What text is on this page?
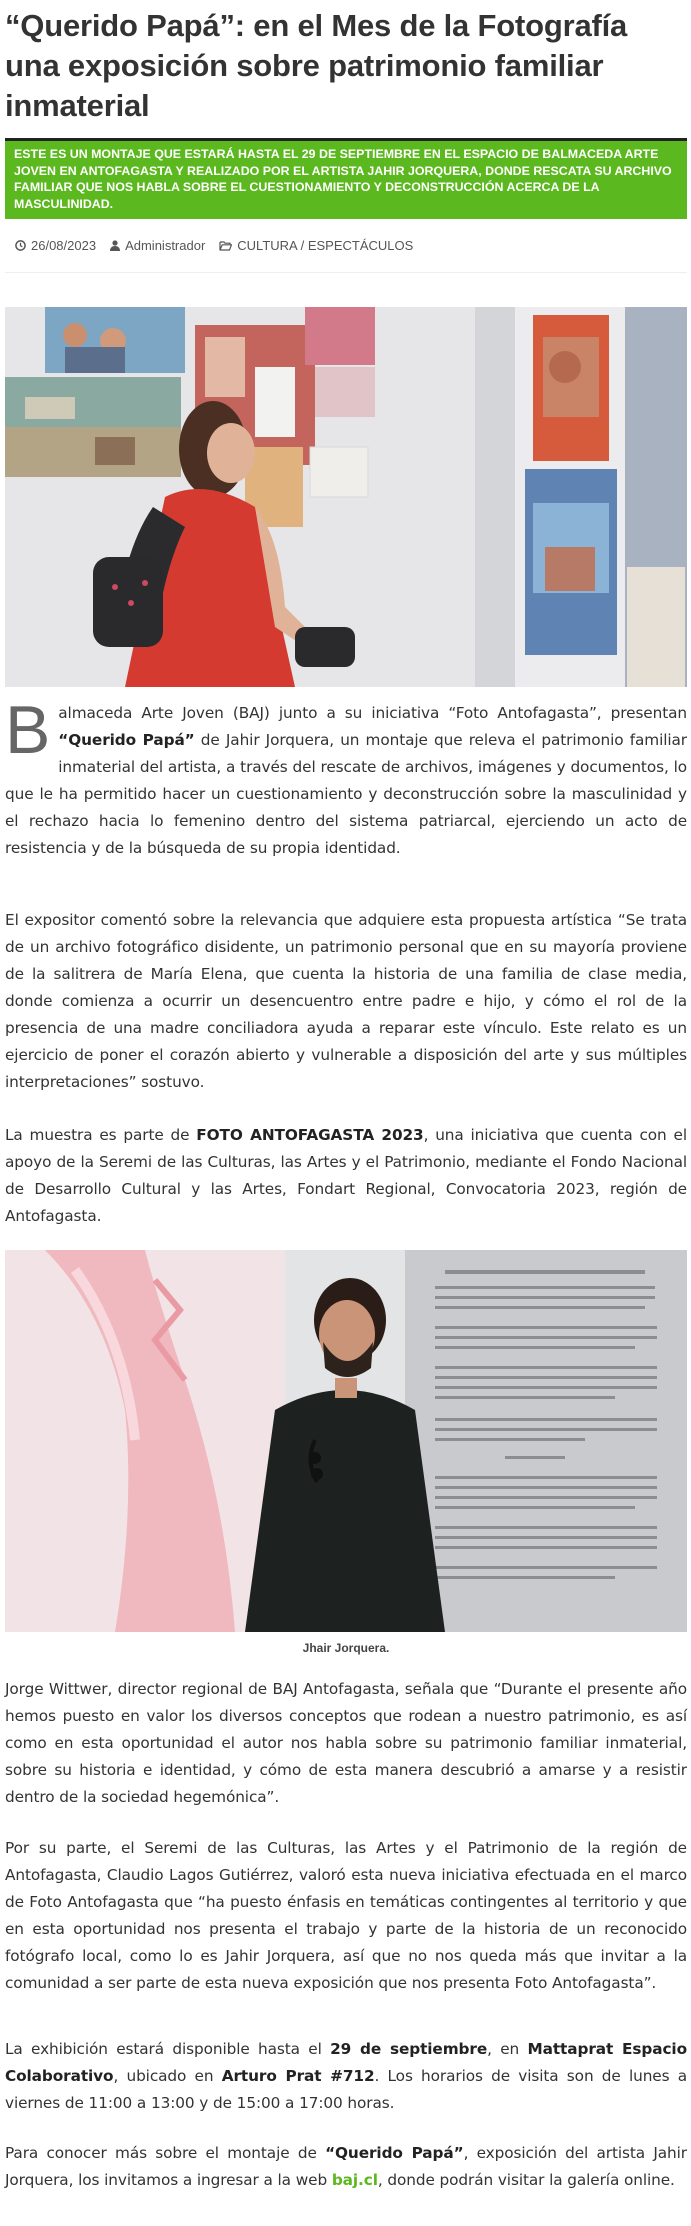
“Querido Papá”: en el Mes de la Fotografía una exposición sobre patrimonio familiar inmaterial
ESTE ES UN MONTAJE QUE ESTARÁ HASTA EL 29 DE SEPTIEMBRE EN EL ESPACIO DE BALMACEDA ARTE JOVEN EN ANTOFAGASTA Y REALIZADO POR EL ARTISTA JAHIR JORQUERA, DONDE RESCATA SU ARCHIVO FAMILIAR QUE NOS HABLA SOBRE EL CUESTIONAMIENTO Y DECONSTRUCCIÓN ACERCA DE LA MASCULINIDAD.
26/08/2023 Administrador CULTURA / ESPECTÁCULOS
Balmaceda Arte Joven (BAJ) junto a su iniciativa “Foto Antofagasta”, presentan “Querido Papá” de Jahir Jorquera, un montaje que releva el patrimonio familiar inmaterial del artista, a través del rescate de archivos, imágenes y documentos, lo que le ha permitido hacer un cuestionamiento y deconstrucción sobre la masculinidad y el rechazo hacia lo femenino dentro del sistema patriarcal, ejerciendo un acto de resistencia y de la búsqueda de su propia identidad.
El expositor comentó sobre la relevancia que adquiere esta propuesta artística “Se trata de un archivo fotográfico disidente, un patrimonio personal que en su mayoría proviene de la salitrera de María Elena, que cuenta la historia de una familia de clase media, donde comienza a ocurrir un desencuentro entre padre e hijo, y cómo el rol de la presencia de una madre conciliadora ayuda a reparar este vínculo. Este relato es un ejercicio de poner el corazón abierto y vulnerable a disposición del arte y sus múltiples interpretaciones” sostuvo.
La muestra es parte de FOTO ANTOFAGASTA 2023, una iniciativa que cuenta con el apoyo de la Seremi de las Culturas, las Artes y el Patrimonio, mediante el Fondo Nacional de Desarrollo Cultural y las Artes, Fondart Regional, Convocatoria 2023, región de Antofagasta.
Jhair Jorquera.
Jorge Wittwer, director regional de BAJ Antofagasta, señala que “Durante el presente año hemos puesto en valor los diversos conceptos que rodean a nuestro patrimonio, es así como en esta oportunidad el autor nos habla sobre su patrimonio familiar inmaterial, sobre su historia e identidad, y cómo de esta manera descubrió a amarse y a resistir dentro de la sociedad hegemónica”.
Por su parte, el Seremi de las Culturas, las Artes y el Patrimonio de la región de Antofagasta, Claudio Lagos Gutiérrez, valoró esta nueva iniciativa efectuada en el marco de Foto Antofagasta que “ha puesto énfasis en temáticas contingentes al territorio y que en esta oportunidad nos presenta el trabajo y parte de la historia de un reconocido fotógrafo local, como lo es Jahir Jorquera, así que no nos queda más que invitar a la comunidad a ser parte de esta nueva exposición que nos presenta Foto Antofagasta”.
La exhibición estará disponible hasta el 29 de septiembre, en Mattaprat Espacio Colaborativo, ubicado en Arturo Prat #712. Los horarios de visita son de lunes a viernes de 11:00 a 13:00 y de 15:00 a 17:00 horas.
Para conocer más sobre el montaje de “Querido Papá”, exposición del artista Jahir Jorquera, los invitamos a ingresar a la web baj.cl, donde podrán visitar la galería online.
